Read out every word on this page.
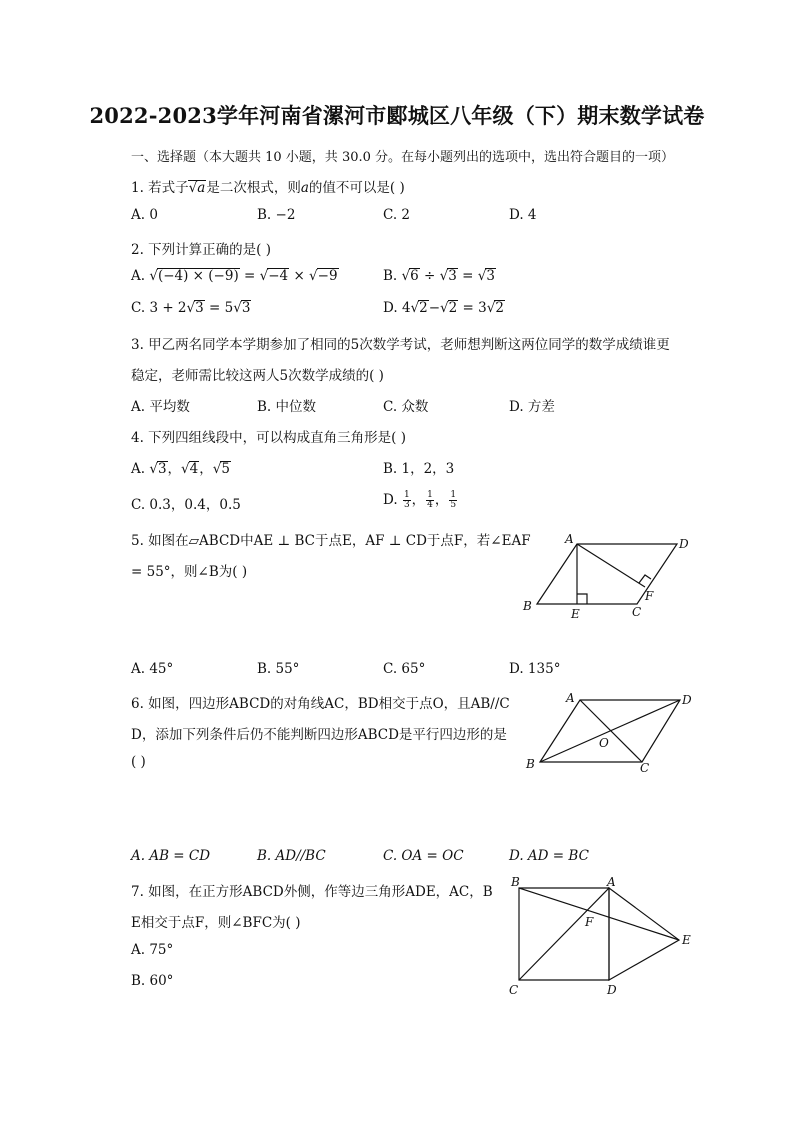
2022-2023学年河南省漯河市郾城区八年级（下）期末数学试卷
一、选择题（本大题共 10 小题，共 30.0 分。在每小题列出的选项中，选出符合题目的一项）
1. 若式子√a是二次根式，则a的值不可以是( )
A. 0	B. −2	C. 2	D. 4
2. 下列计算正确的是( )
A. √(−4) × (−9) = √−4 × √−9	B. √6 ÷ √3 = √3
C. 3 + 2√3 = 5√3	D. 4√2−√2 = 3√2
3. 甲乙两名同学本学期参加了相同的5次数学考试，老师想判断这两位同学的数学成绩谁更
稳定，老师需比较这两人5次数学成绩的( )
A. 平均数	B. 中位数	C. 众数	D. 方差
4. 下列四组线段中，可以构成直角三角形是( )
A. √3，√4，√5	B. 1，2，3
C. 0.3，0.4，0.5	D. $\frac{1}{3}$ ， $\frac{1}{4}$ ， $\frac{1}{5}$
5. 如图在▱ABCD中AE ⊥ BC于点E，AF ⊥ CD于点F，若∠EAF
= 55°，则∠B为( )
A	D
B
E	C
F
A. 45°	B. 55°	C. 65°	D. 135°
6. 如图，四边形ABCD的对角线AC，BD相交于点O，且AB//C
D，添加下列条件后仍不能判断四边形ABCD是平行四边形的是
( )
A	D
B	C
O
A. AB = CD	B. AD//BC	C. OA = OC	D. AD = BC
7. 如图，在正方形ABCD外侧，作等边三角形ADE，AC，B
E相交于点F，则∠BFC为( )
A. 75°
B. 60°
B	A
E
F
C	D
